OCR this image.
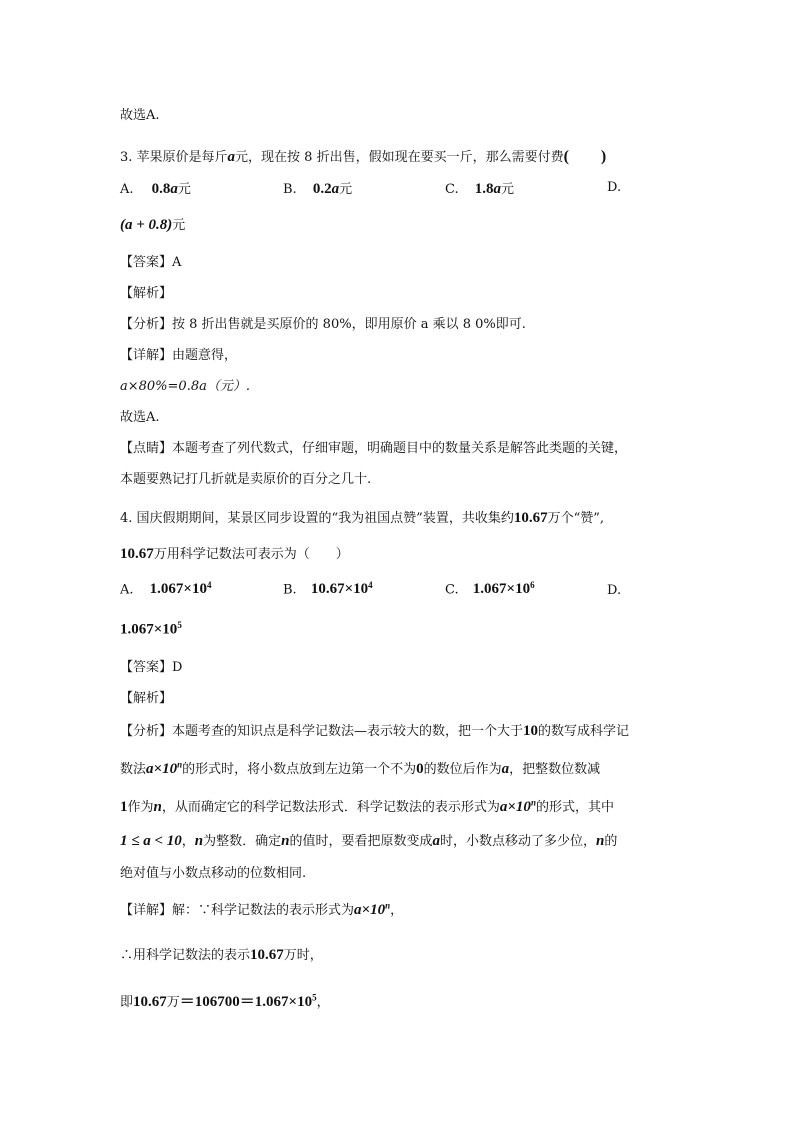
故选A.
3. 苹果原价是每斤a元，现在按 8 折出售，假如现在要买一斤，那么需要付费(　　)
A. 0.8a元	B. 0.2a元	C. 1.8a元	D.
(a + 0.8)元
【答案】A
【解析】
【分析】按 8 折出售就是买原价的 80%，即用原价 a 乘以 8 0%即可.
【详解】由题意得，
a×80%=0.8a（元）.
故选A.
【点睛】本题考查了列代数式，仔细审题，明确题目中的数量关系是解答此类题的关键，
本题要熟记打几折就是卖原价的百分之几十.
4. 国庆假期期间，某景区同步设置的“我为祖国点赞”装置，共收集约10.67万个“赞”,
10.67万用科学记数法可表示为（　　）
A. $1.067\times 10^4$	B. $10.67\times 10^4$	C. $1.067\times 10^6$	D.
$1.067\times 10^5$
【答案】D
【解析】
【分析】本题考查的知识点是科学记数法—表示较大的数，把一个大于10的数写成科学记
数法$a\times 10^n$的形式时，将小数点放到左边第一个不为0的数位后作为a，把整数位数减
1作为n，从而确定它的科学记数法形式．科学记数法的表示形式为$a\times 10^n$的形式，其中
1 ≤ a < 10，n为整数．确定n的值时，要看把原数变成a时，小数点移动了多少位，n的
绝对值与小数点移动的位数相同.
【详解】解：∵科学记数法的表示形式为$a\times 10^n$，
∴用科学记数法的表示10.67万时，
即10.67万$=106700=1.067\times 10^5$，
